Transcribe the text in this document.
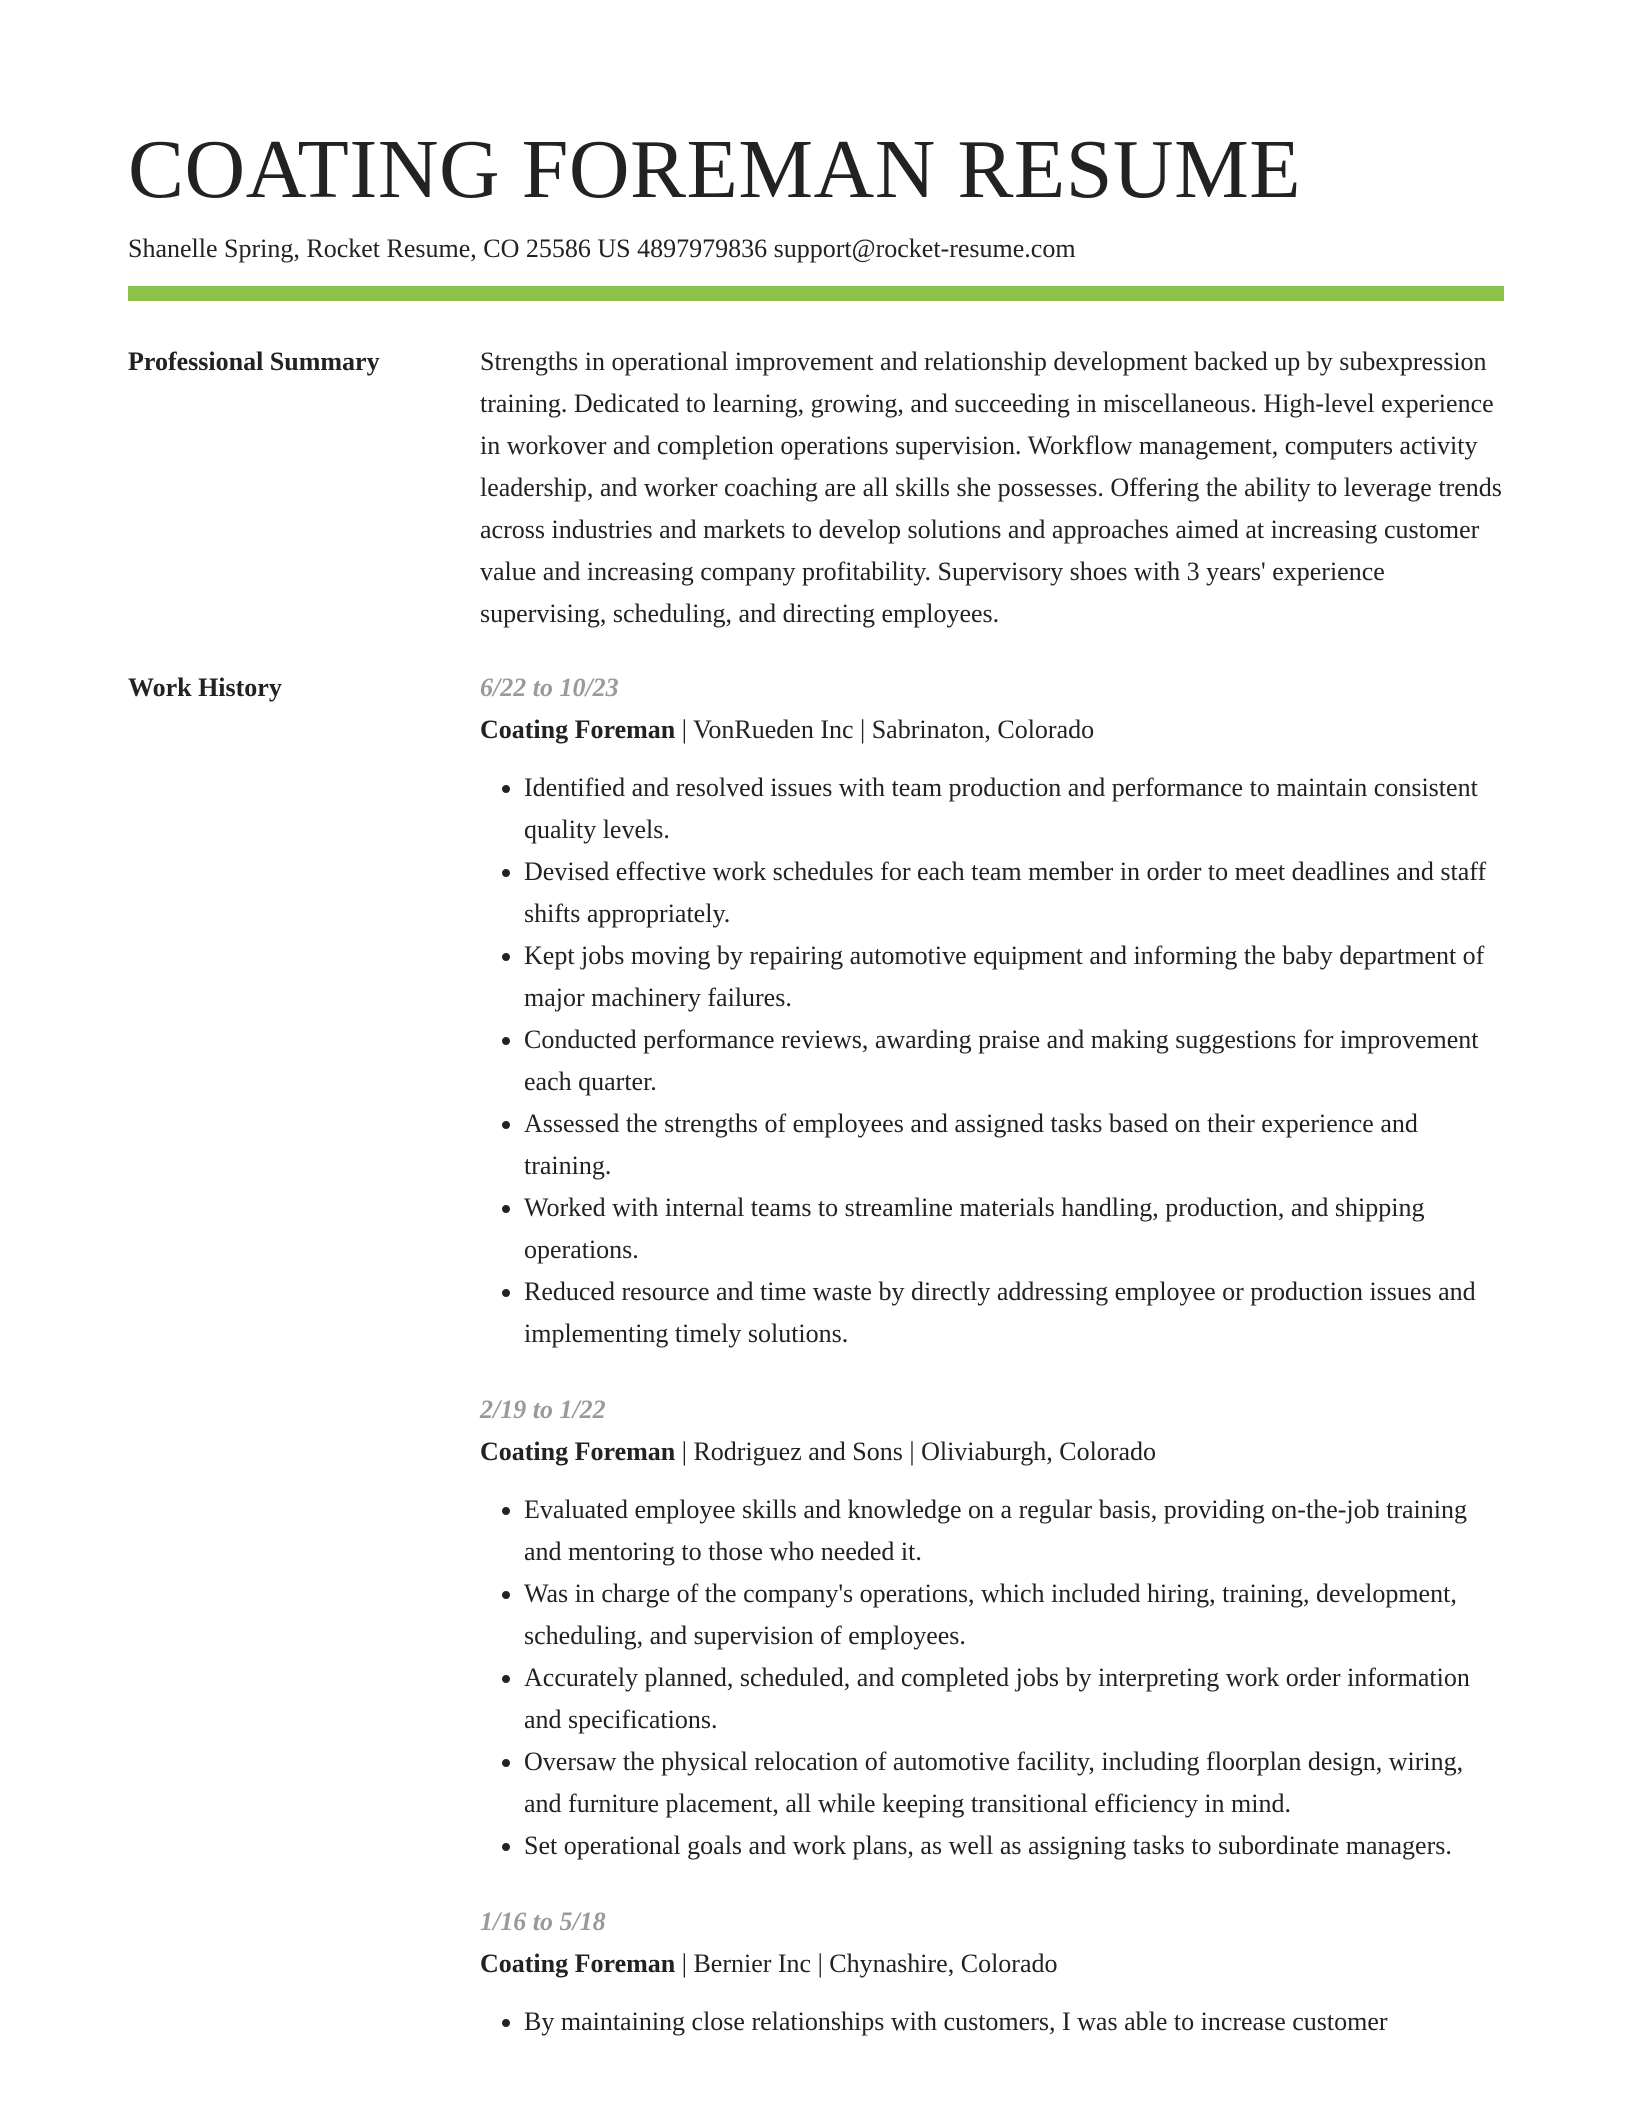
COATING FOREMAN RESUME
Shanelle Spring, Rocket Resume, CO 25586 US 4897979836 support@rocket-resume.com
Professional Summary	Strengths in operational improvement and relationship development backed up by subexpression training. Dedicated to learning, growing, and succeeding in miscellaneous. High-level experience in workover and completion operations supervision. Workflow management, computers activity leadership, and worker coaching are all skills she possesses. Offering the ability to leverage trends across industries and markets to develop solutions and approaches aimed at increasing customer value and increasing company profitability. Supervisory shoes with 3 years' experience supervising, scheduling, and directing employees.

Work History	6/22 to 10/23
Coating Foreman | VonRueden Inc | Sabrinaton, Colorado
• Identified and resolved issues with team production and performance to maintain consistent quality levels.
• Devised effective work schedules for each team member in order to meet deadlines and staff shifts appropriately.
• Kept jobs moving by repairing automotive equipment and informing the baby department of major machinery failures.
• Conducted performance reviews, awarding praise and making suggestions for improvement each quarter.
• Assessed the strengths of employees and assigned tasks based on their experience and training.
• Worked with internal teams to streamline materials handling, production, and shipping operations.
• Reduced resource and time waste by directly addressing employee or production issues and implementing timely solutions.
2/19 to 1/22
Coating Foreman | Rodriguez and Sons | Oliviaburgh, Colorado
• Evaluated employee skills and knowledge on a regular basis, providing on-the-job training and mentoring to those who needed it.
• Was in charge of the company's operations, which included hiring, training, development, scheduling, and supervision of employees.
• Accurately planned, scheduled, and completed jobs by interpreting work order information and specifications.
• Oversaw the physical relocation of automotive facility, including floorplan design, wiring, and furniture placement, all while keeping transitional efficiency in mind.
• Set operational goals and work plans, as well as assigning tasks to subordinate managers.
1/16 to 5/18
Coating Foreman | Bernier Inc | Chynashire, Colorado
• By maintaining close relationships with customers, I was able to increase customer
